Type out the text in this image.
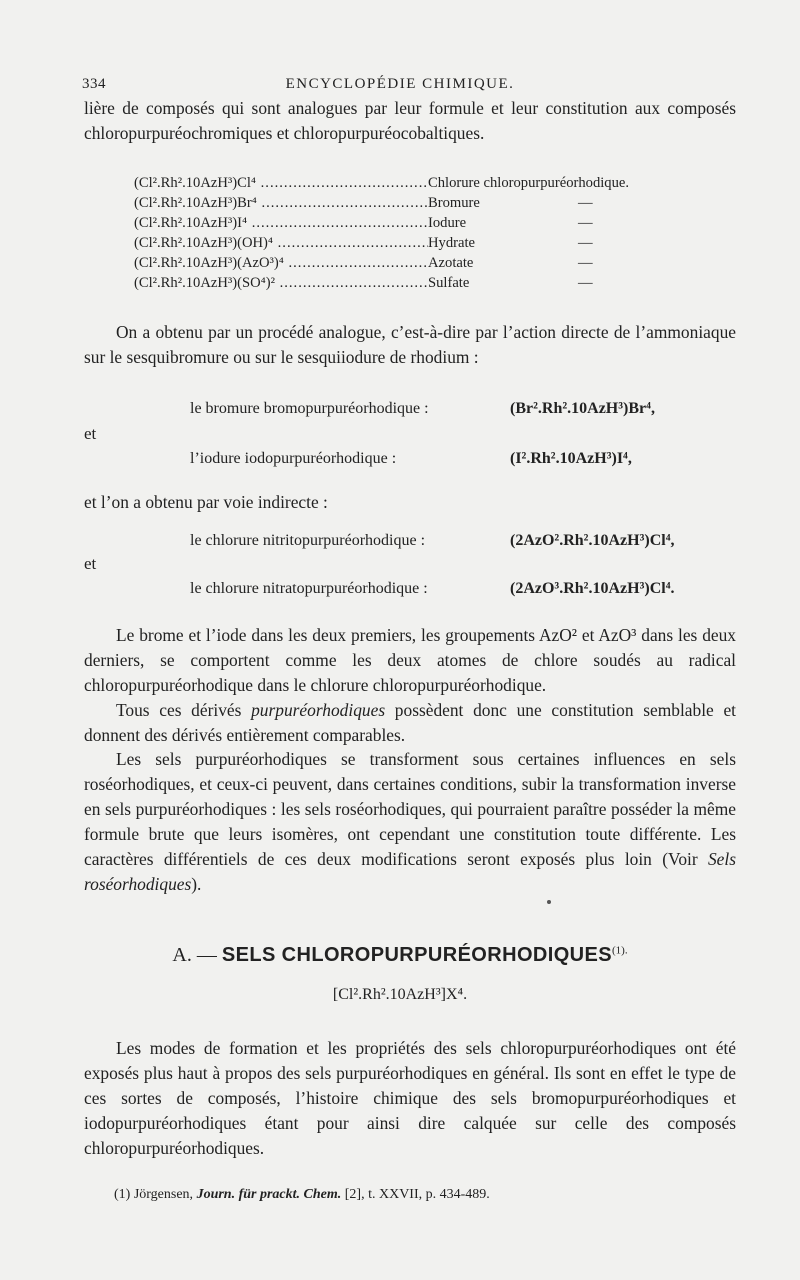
334	ENCYCLOPÉDIE CHIMIQUE.

lière de composés qui sont analogues par leur formule et leur constitution aux composés chloropurpuréochromiques et chloropurpuréocobaltiques.

(Cl².Rh².10AzH³)Cl⁴ .....	Chlorure chloropurpuréorhodique.
(Cl².Rh².10AzH³)Br⁴ .....	Bromure	—
(Cl².Rh².10AzH³)I⁴ .....	Iodure	—
(Cl².Rh².10AzH³)(OH)⁴ .....	Hydrate	—
(Cl².Rh².10AzH³)(AzO³)⁴ .....	Azotate	—
(Cl².Rh².10AzH³)(SO⁴)² .....	Sulfate	—

On a obtenu par un procédé analogue, c’est-à-dire par l’action directe de l’ammoniaque sur le sesquibromure ou sur le sesquiiodure de rhodium :

le bromure bromopurpuréorhodique :	(Br².Rh².10AzH³)Br⁴,
et
l’iodure iodopurpuréorhodique :	(I².Rh².10AzH³)I⁴,

et l’on a obtenu par voie indirecte :

le chlorure nitritopurpuréorhodique :	(2AzO².Rh².10AzH³)Cl⁴,
et
le chlorure nitratopurpuréorhodique :	(2AzO³.Rh².10AzH³)Cl⁴.

Le brome et l’iode dans les deux premiers, les groupements AzO² et AzO³ dans les deux derniers, se comportent comme les deux atomes de chlore soudés au radical chloropurpuréorhodique dans le chlorure chloropurpuréorhodique.

Tous ces dérivés purpuréorhodiques possèdent donc une constitution semblable et donnent des dérivés entièrement comparables.

Les sels purpuréorhodiques se transforment sous certaines influences en sels roséorhodiques, et ceux-ci peuvent, dans certaines conditions, subir la transformation inverse en sels purpuréorhodiques : les sels roséorhodiques, qui pourraient paraître posséder la même formule brute que leurs isomères, ont cependant une constitution toute différente. Les caractères différentiels de ces deux modifications seront exposés plus loin (Voir Sels roséorhodiques).

A. — SELS $CHLOROPURPURÉORHODIQUES^{(1).}$
[Cl².Rh².10AzH³]X⁴.

Les modes de formation et les propriétés des sels chloropurpuréorhodiques ont été exposés plus haut à propos des sels purpuréorhodiques en général. Ils sont en effet le type de ces sortes de composés, l’histoire chimique des sels bromopurpuréorhodiques et iodopurpuréorhodiques étant pour ainsi dire calquée sur celle des composés chloropurpuréorhodiques.

(1) Jörgensen, Journ. für prackt. Chem. [2], t. XXVII, p. 434-489.
